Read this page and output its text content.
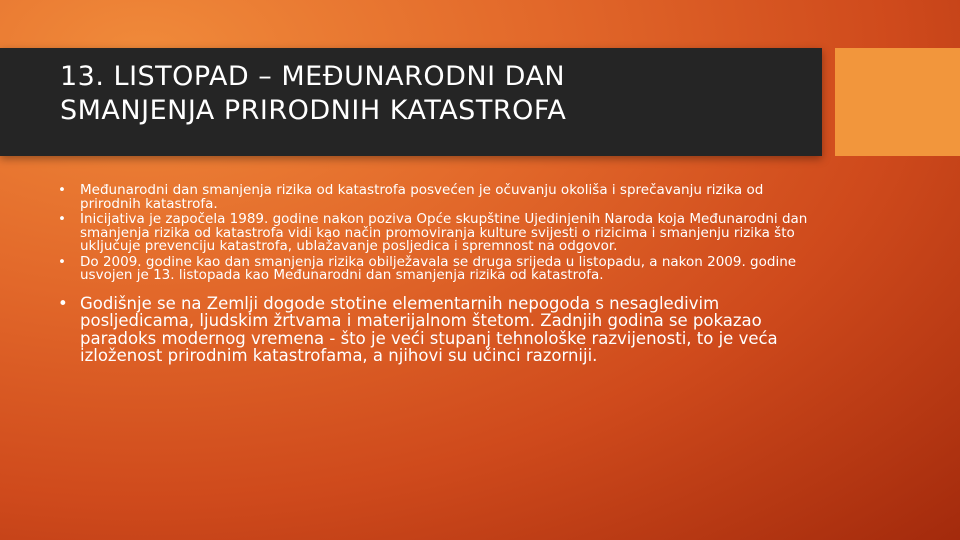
13. LISTOPAD – MEĐUNARODNI DAN
SMANJENJA PRIRODNIH KATASTROFA
• Međunarodni dan smanjenja rizika od katastrofa posvećen je očuvanju okoliša i sprečavanju rizika od prirodnih katastrofa.
• Inicijativa je započela 1989. godine nakon poziva Opće skupštine Ujedinjenih Naroda koja Međunarodni dan smanjenja rizika od katastrofa vidi kao način promoviranja kulture svijesti o rizicima i smanjenju rizika što uključuje prevenciju katastrofa, ublažavanje posljedica i spremnost na odgovor.
• Do 2009. godine kao dan smanjenja rizika obilježavala se druga srijeda u listopadu, a nakon 2009. godine usvojen je 13. listopada kao Međunarodni dan smanjenja rizika od katastrofa.
• Godišnje se na Zemlji dogode stotine elementarnih nepogoda s nesagledivim posljedicama, ljudskim žrtvama i materijalnom štetom. Zadnjih godina se pokazao paradoks modernog vremena - što je veći stupanj tehnološke razvijenosti, to je veća izloženost prirodnim katastrofama, a njihovi su učinci razorniji.
